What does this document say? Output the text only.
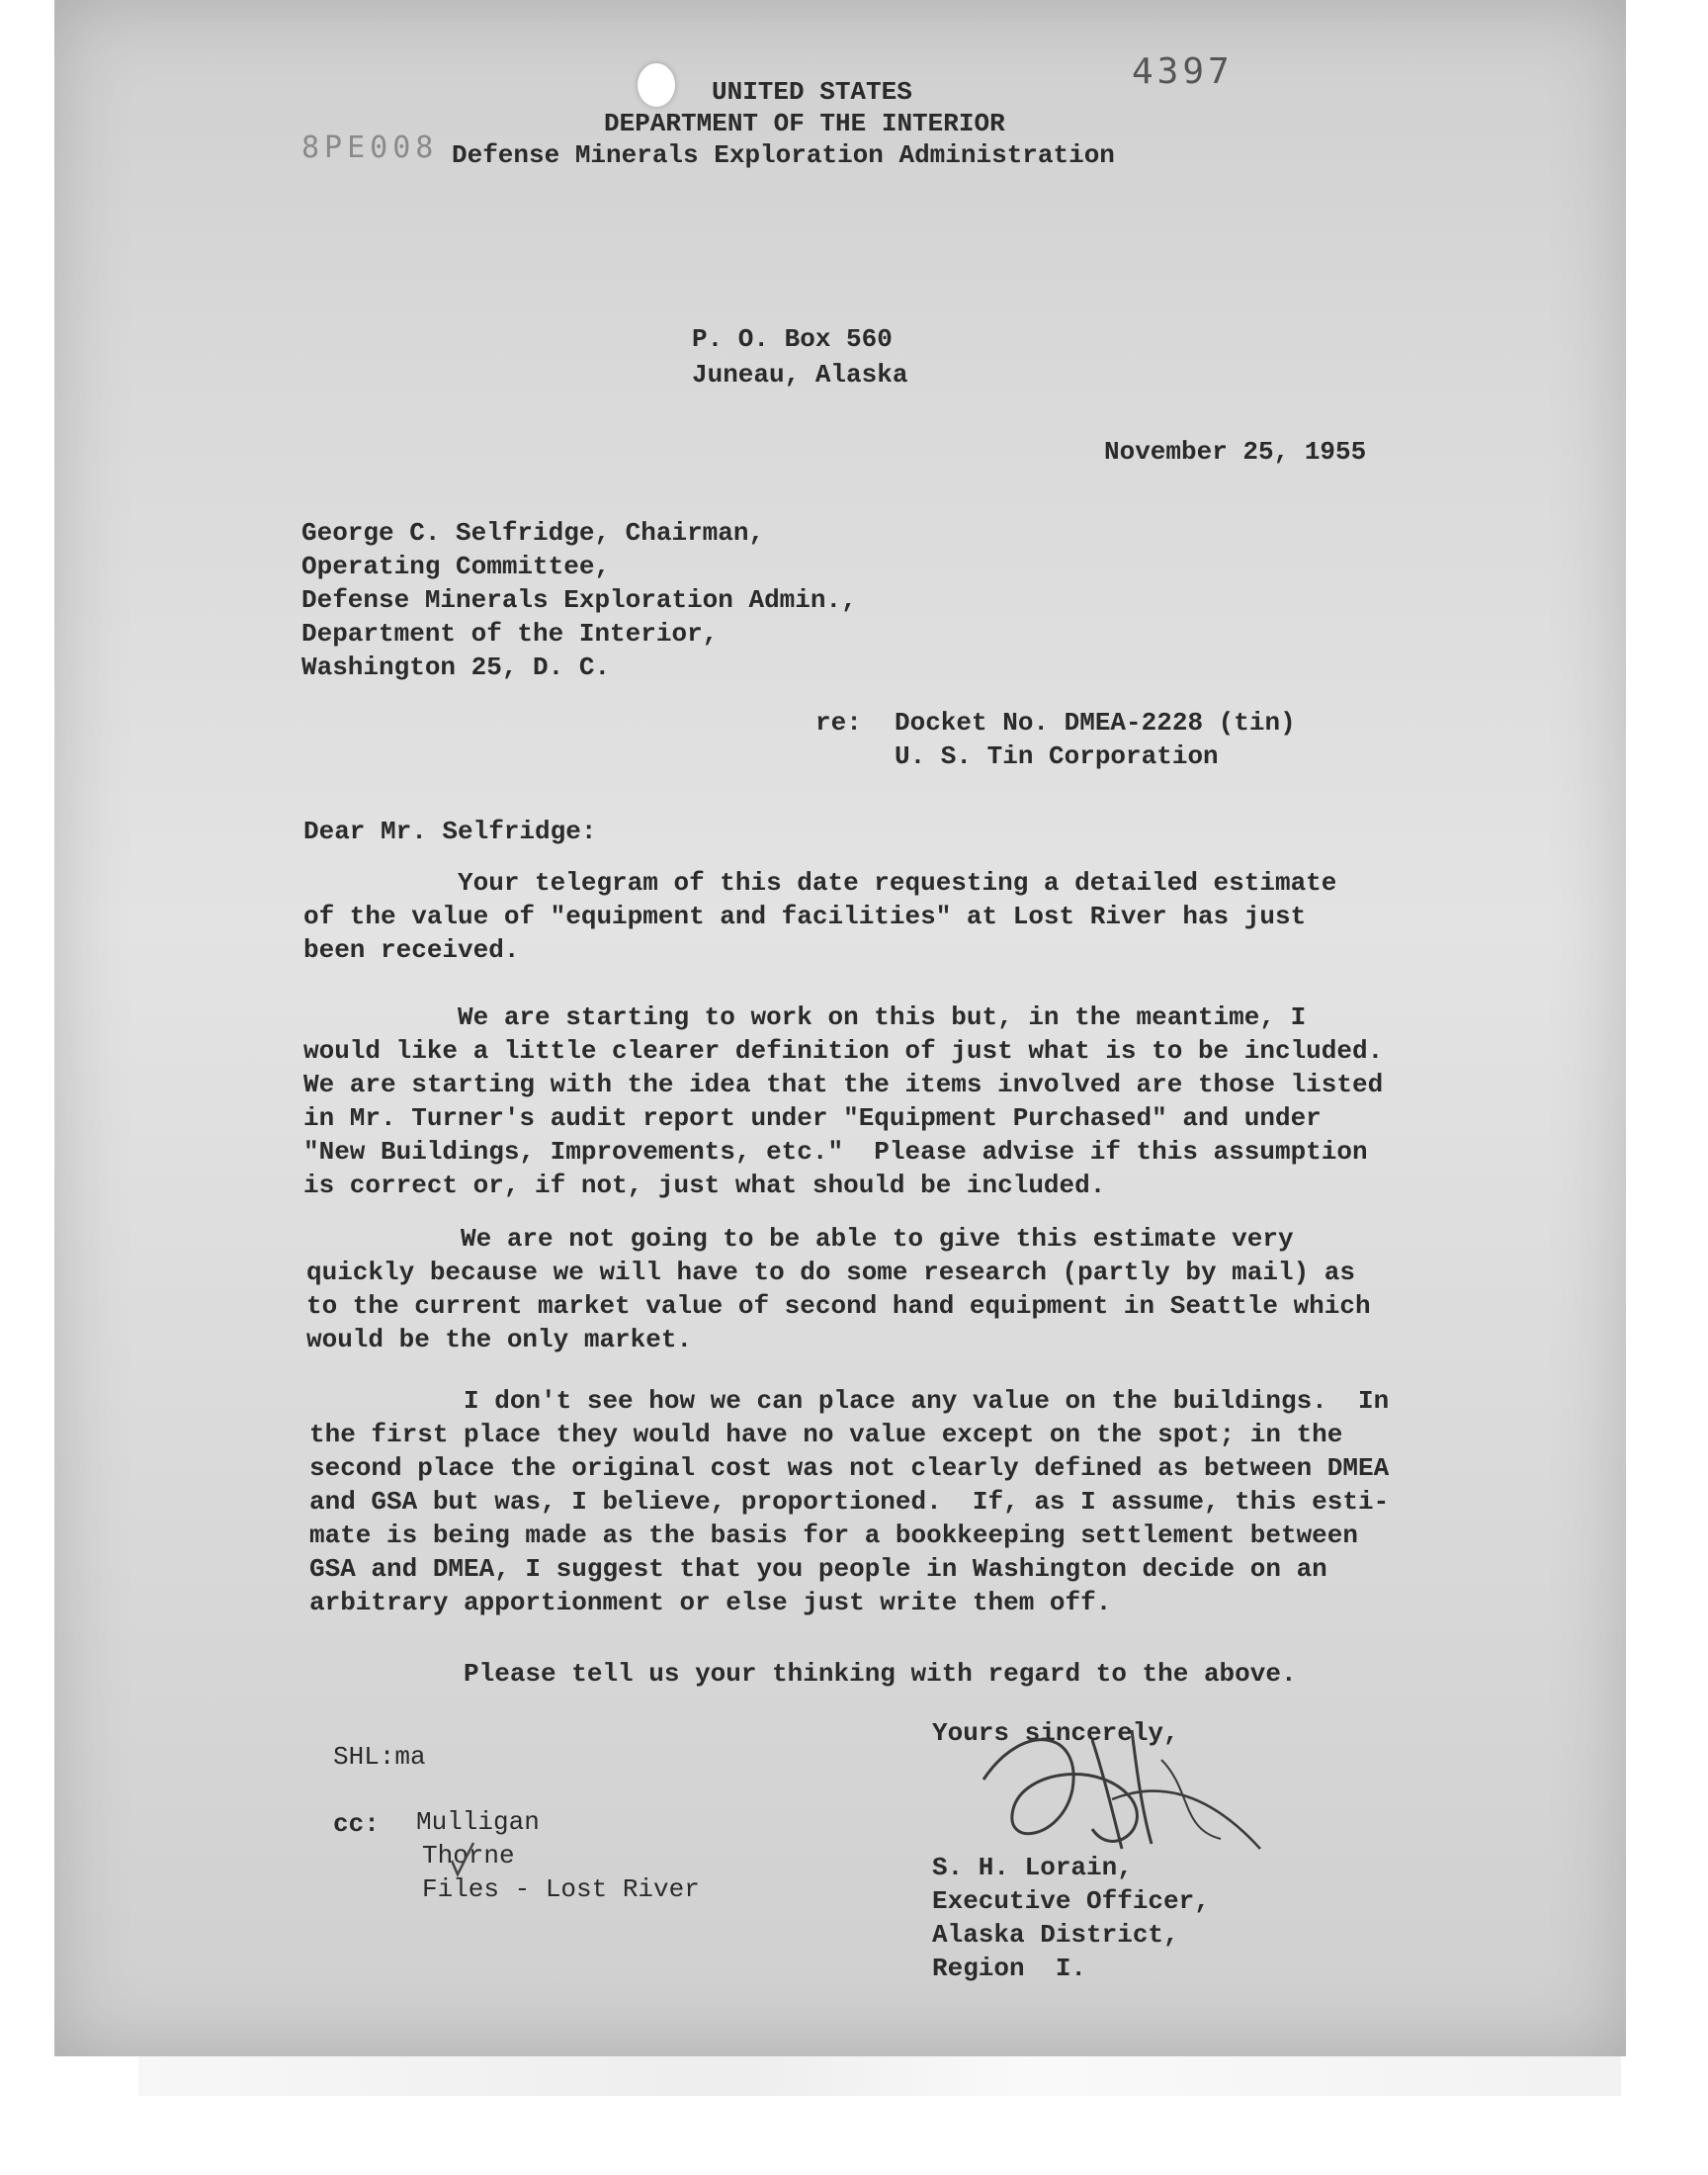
4397
8PE008
UNITED STATES
DEPARTMENT OF THE INTERIOR
Defense Minerals Exploration Administration
P. O. Box 560
Juneau, Alaska
November 25, 1955
George C. Selfridge, Chairman,
Operating Committee,
Defense Minerals Exploration Admin.,
Department of the Interior,
Washington 25, D. C.
re: Docket No. DMEA-2228 (tin)
U. S. Tin Corporation
Dear Mr. Selfridge:
Your telegram of this date requesting a detailed estimate
of the value of "equipment and facilities" at Lost River has just
been received.
We are starting to work on this but, in the meantime, I
would like a little clearer definition of just what is to be included.
We are starting with the idea that the items involved are those listed
in Mr. Turner's audit report under "Equipment Purchased" and under
"New Buildings, Improvements, etc."  Please advise if this assumption
is correct or, if not, just what should be included.
We are not going to be able to give this estimate very
quickly because we will have to do some research (partly by mail) as
to the current market value of second hand equipment in Seattle which
would be the only market.
I don't see how we can place any value on the buildings.  In
the first place they would have no value except on the spot; in the
second place the original cost was not clearly defined as between DMEA
and GSA but was, I believe, proportioned.  If, as I assume, this esti-
mate is being made as the basis for a bookkeeping settlement between
GSA and DMEA, I suggest that you people in Washington decide on an
arbitrary apportionment or else just write them off.
Please tell us your thinking with regard to the above.
Yours sincerely,
S. H. Lorain,
Executive Officer,
Alaska District,
Region  I.
SHL:ma
cc: Mulligan
Thorne
Files - Lost River
